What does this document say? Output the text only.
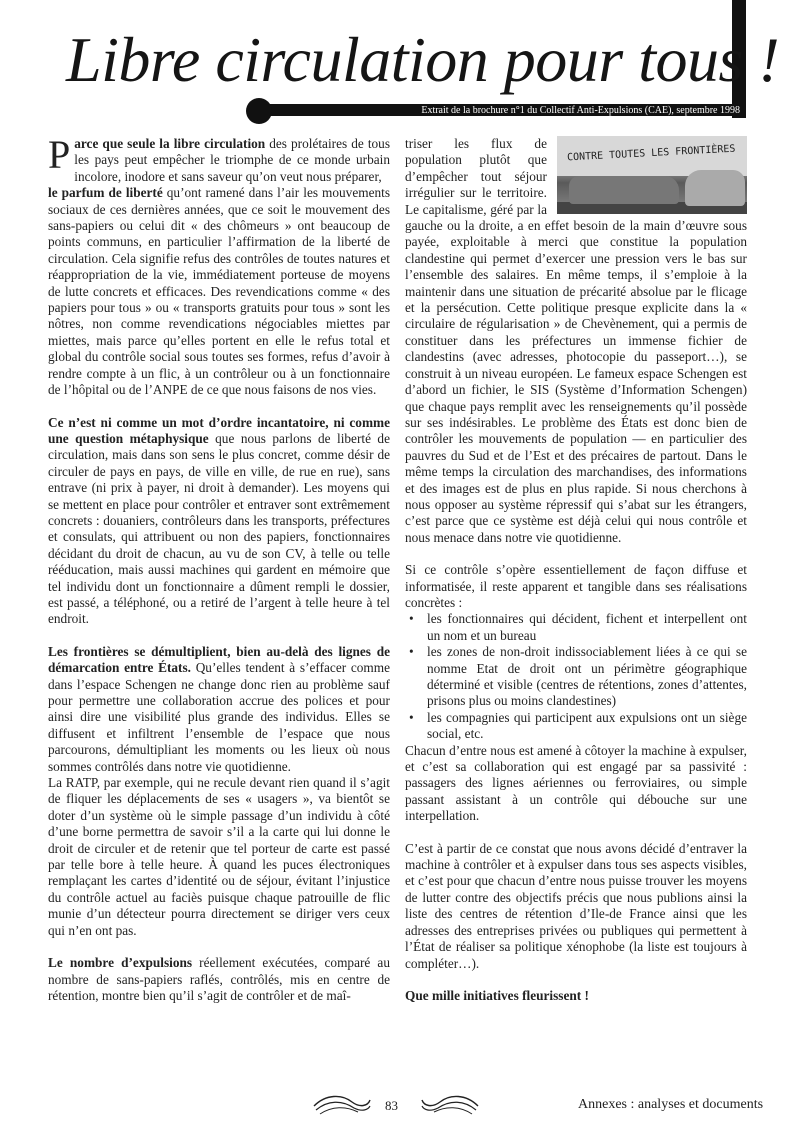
Libre circulation pour tous !
Extrait de la brochure n°1 du Collectif Anti-Expulsions (CAE), septembre 1998

Parce que seule la libre circulation des prolétaires de tous les pays peut empêcher le triomphe de ce monde urbain incolore, inodore et sans saveur qu’on veut nous préparer,

le parfum de liberté qu’ont ramené dans l’air les mouvements sociaux de ces dernières années, que ce soit le mouvement des sans-papiers ou celui dit « des chômeurs » ont beaucoup de points communs, en particulier l’affirmation de la liberté de circulation. Cela signifie refus des contrôles de toutes natures et réappropriation de la vie, immédiatement porteuse de moyens de lutte concrets et efficaces. Des revendications comme « des papiers pour tous » ou « transports gratuits pour tous » sont les nôtres, non comme revendications négociables miettes par miettes, mais parce qu’elles portent en elle le refus total et global du contrôle social sous toutes ses formes, refus d’avoir à rendre compte à un flic, à un contrôleur ou à un fonctionnaire de l’hôpital ou de l’ANPE de ce que nous faisons de nos vies.

Ce n’est ni comme un mot d’ordre incantatoire, ni comme une question métaphysique que nous parlons de liberté de circulation, mais dans son sens le plus concret, comme désir de circuler de pays en pays, de ville en ville, de rue en rue), sans entrave (ni prix à payer, ni droit à demander). Les moyens qui se mettent en place pour contrôler et entraver sont extrêmement concrets : douaniers, contrôleurs dans les transports, préfectures et consulats, qui attribuent ou non des papiers, fonctionnaires décidant du droit de chacun, au vu de son CV, à telle ou telle rééducation, mais aussi machines qui gardent en mémoire que tel individu dont un fonctionnaire a dûment rempli le dossier, est passé, a téléphoné, ou a retiré de l’argent à telle heure à tel endroit.

Les frontières se démultiplient, bien au-delà des lignes de démarcation entre États. Qu’elles tendent à s’effacer comme dans l’espace Schengen ne change donc rien au problème sauf pour permettre une collaboration accrue des polices et pour ainsi dire une visibilité plus grande des individus. Elles se diffusent et infiltrent l’ensemble de l’espace que nous parcourons, démultipliant les moments ou les lieux où nous sommes contrôlés dans notre vie quotidienne.

La RATP, par exemple, qui ne recule devant rien quand il s’agit de fliquer les déplacements de ses « usagers », va bientôt se doter d’un système où le simple passage d’un individu à côté d’une borne permettra de savoir s’il a la carte qui lui donne le droit de circuler et de retenir que tel porteur de carte est passé par telle bore à telle heure. À quand les puces électroniques remplaçant les cartes d’identité ou de séjour, évitant l’injustice du contrôle actuel au faciès puisque chaque patrouille de flic munie d’un détecteur pourra directement se diriger vers ceux qui n’en ont pas.

Le nombre d’expulsions réellement exécutées, comparé au nombre de sans-papiers raflés, contrôlés, mis en centre de rétention, montre bien qu’il s’agit de contrôler et de maî-

CONTRE TOUTES LES FRONTIÈRES

triser les flux de population plutôt que d’empêcher tout séjour irrégulier sur le territoire. Le capitalisme, géré par la gauche ou la droite, a en effet besoin de la main d’œuvre sous payée, exploitable à merci que constitue la population clandestine qui permet d’exercer une pression vers le bas sur l’ensemble des salaires. En même temps, il s’emploie à la maintenir dans une situation de précarité absolue par le flicage et la persécution. Cette politique presque explicite dans la « circulaire de régularisation » de Chevènement, qui a permis de constituer dans les préfectures un immense fichier de clandestins (avec adresses, photocopie du passeport…), se construit à un niveau européen. Le fameux espace Schengen est d’abord un fichier, le SIS (Système d’Information Schengen) que chaque pays remplit avec les renseignements qu’il possède sur ses indésirables. Le problème des États est donc bien de contrôler les mouvements de population — en particulier des pauvres du Sud et de l’Est et des précaires de partout. Dans le même temps la circulation des marchandises, des informations et des images est de plus en plus rapide. Si nous cherchons à nous opposer au système répressif qui s’abat sur les étrangers, c’est parce que ce système est déjà celui qui nous contrôle et nous menace dans notre vie quotidienne.

Si ce contrôle s’opère essentiellement de façon diffuse et informatisée, il reste apparent et tangible dans ses réalisations concrètes :

• les fonctionnaires qui décident, fichent et interpellent ont un nom et un bureau
• les zones de non-droit indissociablement liées à ce qui se nomme Etat de droit ont un périmètre géographique déterminé et visible (centres de rétentions, zones d’attentes, prisons plus ou moins clandestines)
• les compagnies qui participent aux expulsions ont un siège social, etc.

Chacun d’entre nous est amené à côtoyer la machine à expulser, et c’est sa collaboration qui est engagé par sa passivité : passagers des lignes aériennes ou ferroviaires, ou simple passant assistant à un contrôle qui débouche sur une interpellation.

C’est à partir de ce constat que nous avons décidé d’entraver la machine à contrôler et à expulser dans tous ses aspects visibles, et c’est pour que chacun d’entre nous puisse trouver les moyens de lutter contre des objectifs précis que nous publions ainsi la liste des centres de rétention d’Ile-de France ainsi que les adresses des entreprises privées ou publiques qui permettent à l’État de réaliser sa politique xénophobe (la liste est toujours à compléter…).

Que mille initiatives fleurissent !

83	Annexes : analyses et documents
